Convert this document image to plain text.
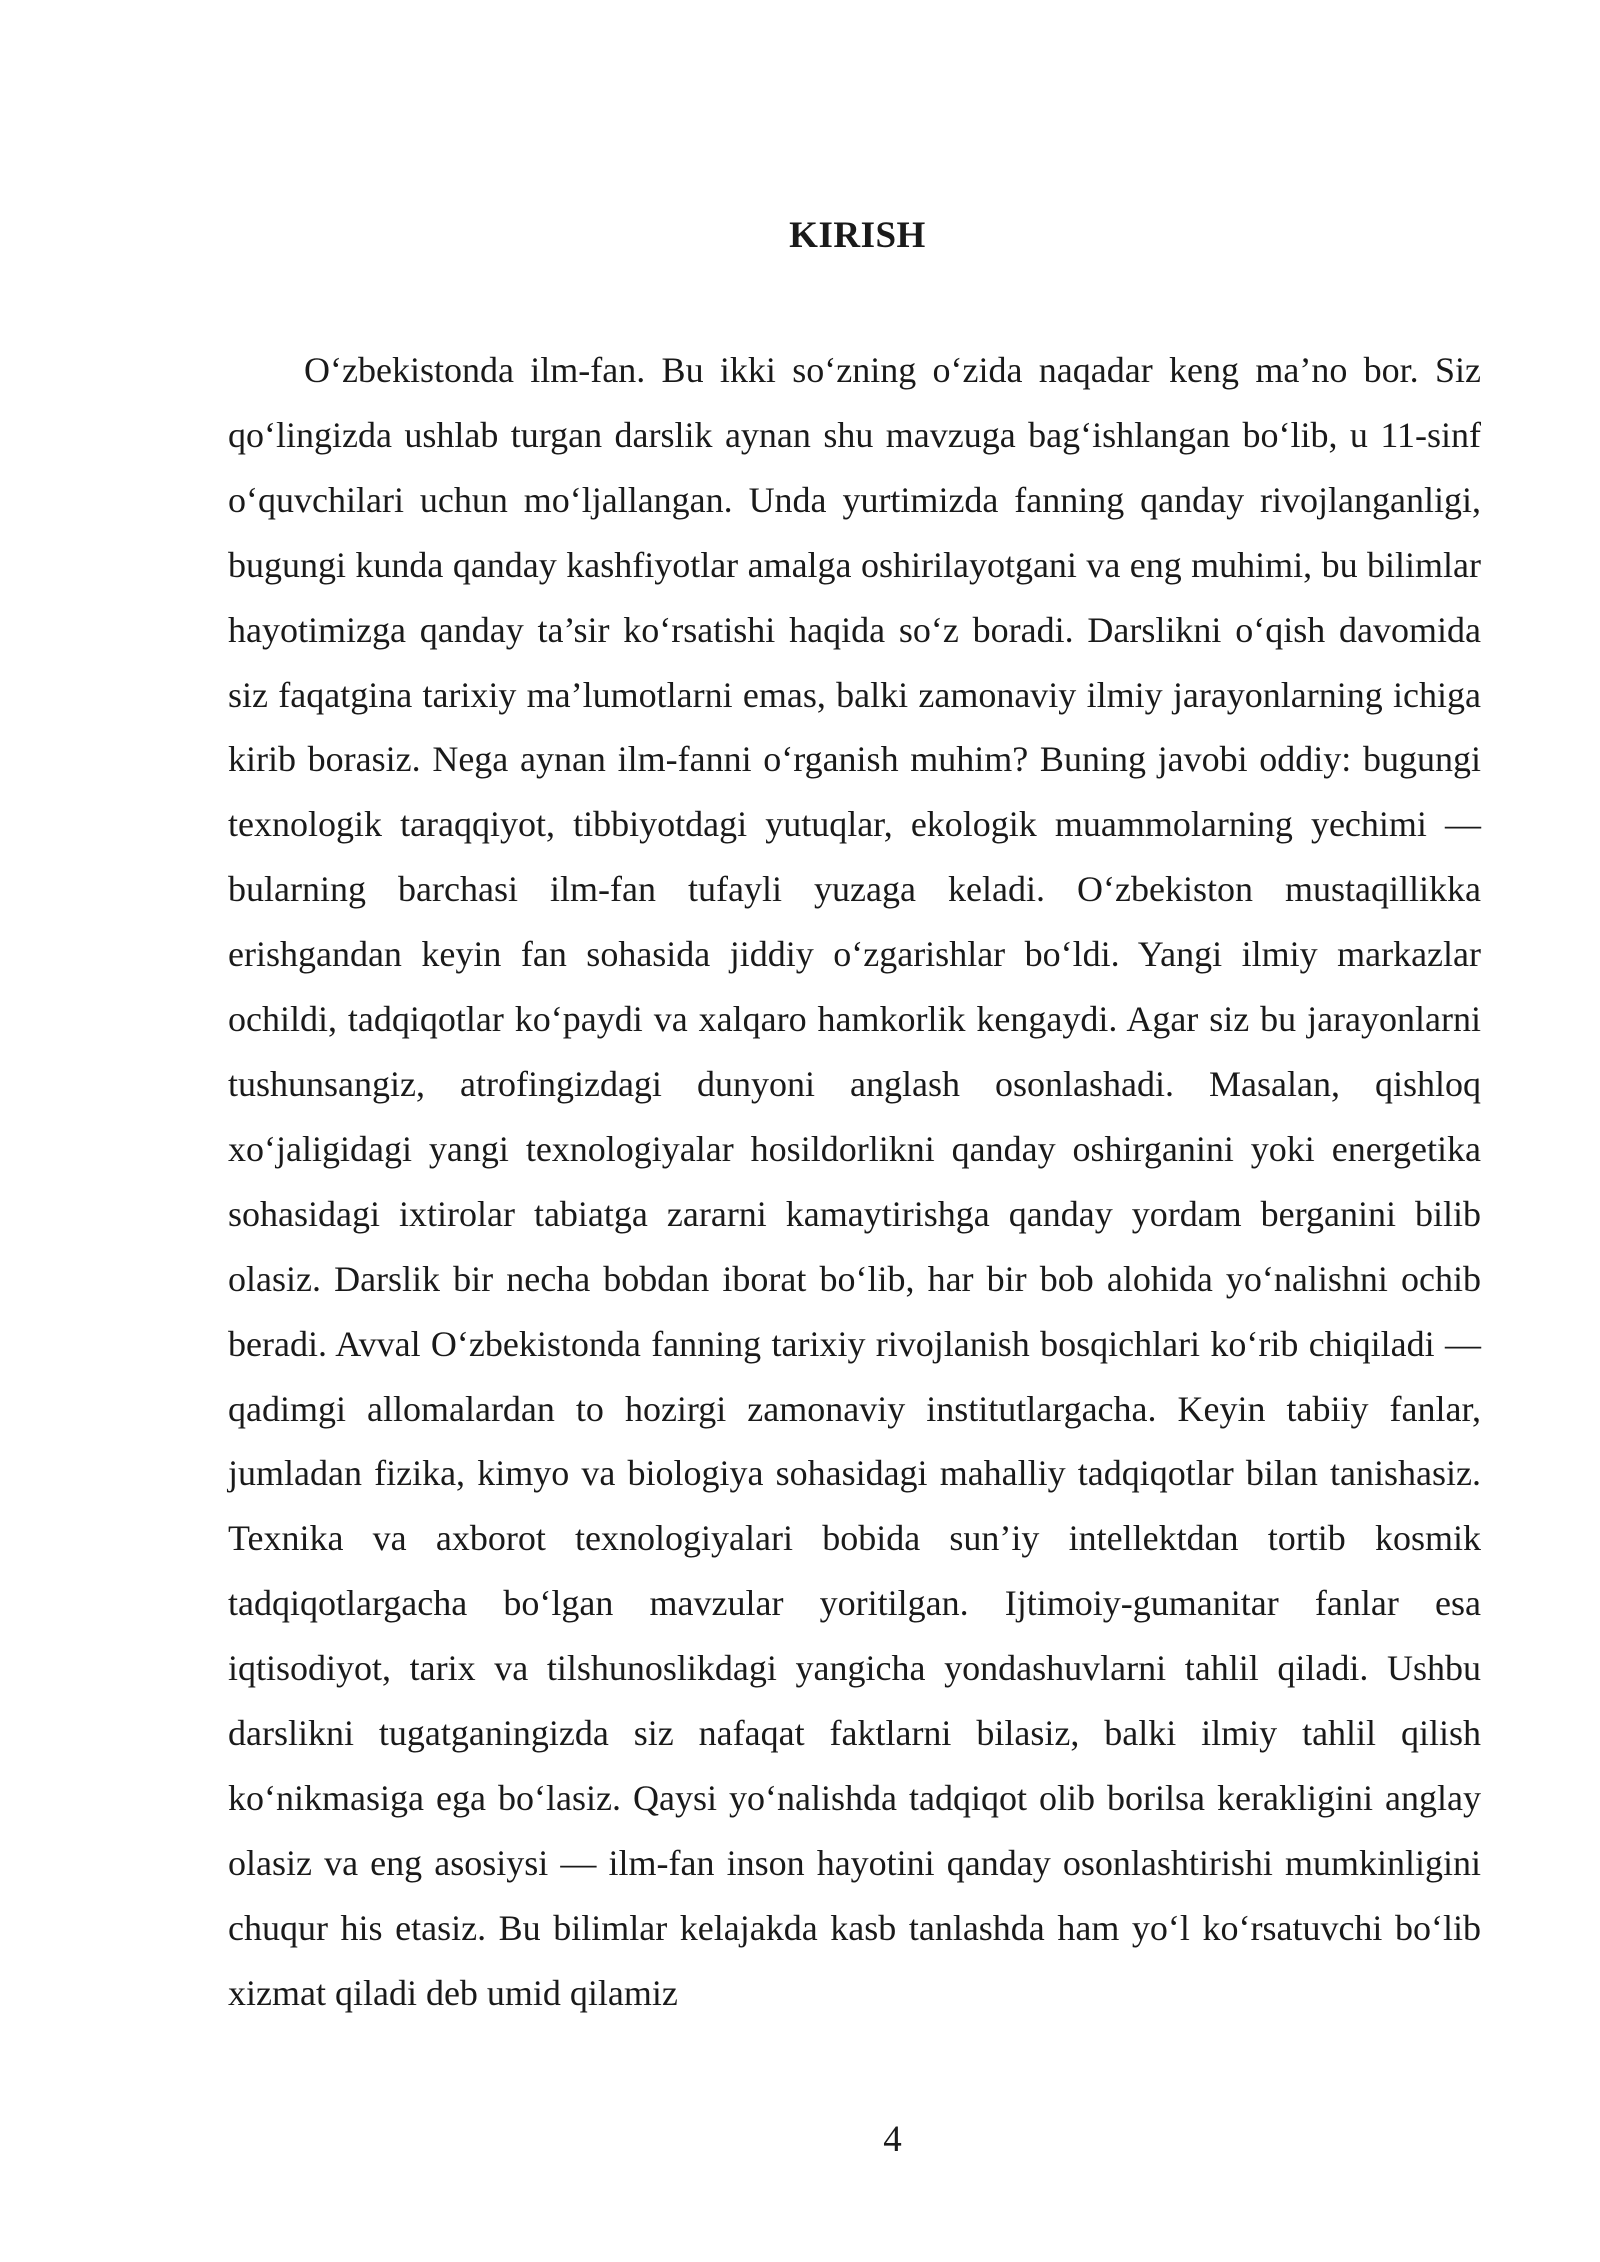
KIRISH

O‘zbekistonda ilm-fan. Bu ikki so‘zning o‘zida naqadar keng ma’no bor. Siz qo‘lingizda ushlab turgan darslik aynan shu mavzuga bag‘ishlangan bo‘lib, u 11-sinf o‘quvchilari uchun mo‘ljallangan. Unda yurtimizda fanning qanday rivojlanganligi, bugungi kunda qanday kashfiyotlar amalga oshirilayotgani va eng muhimi, bu bilimlar hayotimizga qanday ta’sir ko‘rsatishi haqida so‘z boradi. Darslikni o‘qish davomida siz faqatgina tarixiy ma’lumotlarni emas, balki zamonaviy ilmiy jarayonlarning ichiga kirib borasiz. Nega aynan ilm-fanni o‘rganish muhim? Buning javobi oddiy: bugungi texnologik taraqqiyot, tibbiyotdagi yutuqlar, ekologik muammolarning yechimi — bularning barchasi ilm-fan tufayli yuzaga keladi. O‘zbekiston mustaqillikka erishgandan keyin fan sohasida jiddiy o‘zgarishlar bo‘ldi. Yangi ilmiy markazlar ochildi, tadqiqotlar ko‘paydi va xalqaro hamkorlik kengaydi. Agar siz bu jarayonlarni tushunsangiz, atrofingizdagi dunyoni anglash osonlashadi. Masalan, qishloq xo‘jaligidagi yangi texnologiyalar hosildorlikni qanday oshirganini yoki energetika sohasidagi ixtirolar tabiatga zararni kamaytirishga qanday yordam berganini bilib olasiz. Darslik bir necha bobdan iborat bo‘lib, har bir bob alohida yo‘nalishni ochib beradi. Avval O‘zbekistonda fanning tarixiy rivojlanish bosqichlari ko‘rib chiqiladi — qadimgi allomalardan to hozirgi zamonaviy institutlargacha. Keyin tabiiy fanlar, jumladan fizika, kimyo va biologiya sohasidagi mahalliy tadqiqotlar bilan tanishasiz. Texnika va axborot texnologiyalari bobida sun’iy intellektdan tortib kosmik tadqiqotlargacha bo‘lgan mavzular yoritilgan. Ijtimoiy-gumanitar fanlar esa iqtisodiyot, tarix va tilshunoslikdagi yangicha yondashuvlarni tahlil qiladi. Ushbu darslikni tugatganingizda siz nafaqat faktlarni bilasiz, balki ilmiy tahlil qilish ko‘nikmasiga ega bo‘lasiz. Qaysi yo‘nalishda tadqiqot olib borilsa kerakligini anglay olasiz va eng asosiysi — ilm-fan inson hayotini qanday osonlashtirishi mumkinligini chuqur his etasiz. Bu bilimlar kelajakda kasb tanlashda ham yo‘l ko‘rsatuvchi bo‘lib xizmat qiladi deb umid qilamiz

4
